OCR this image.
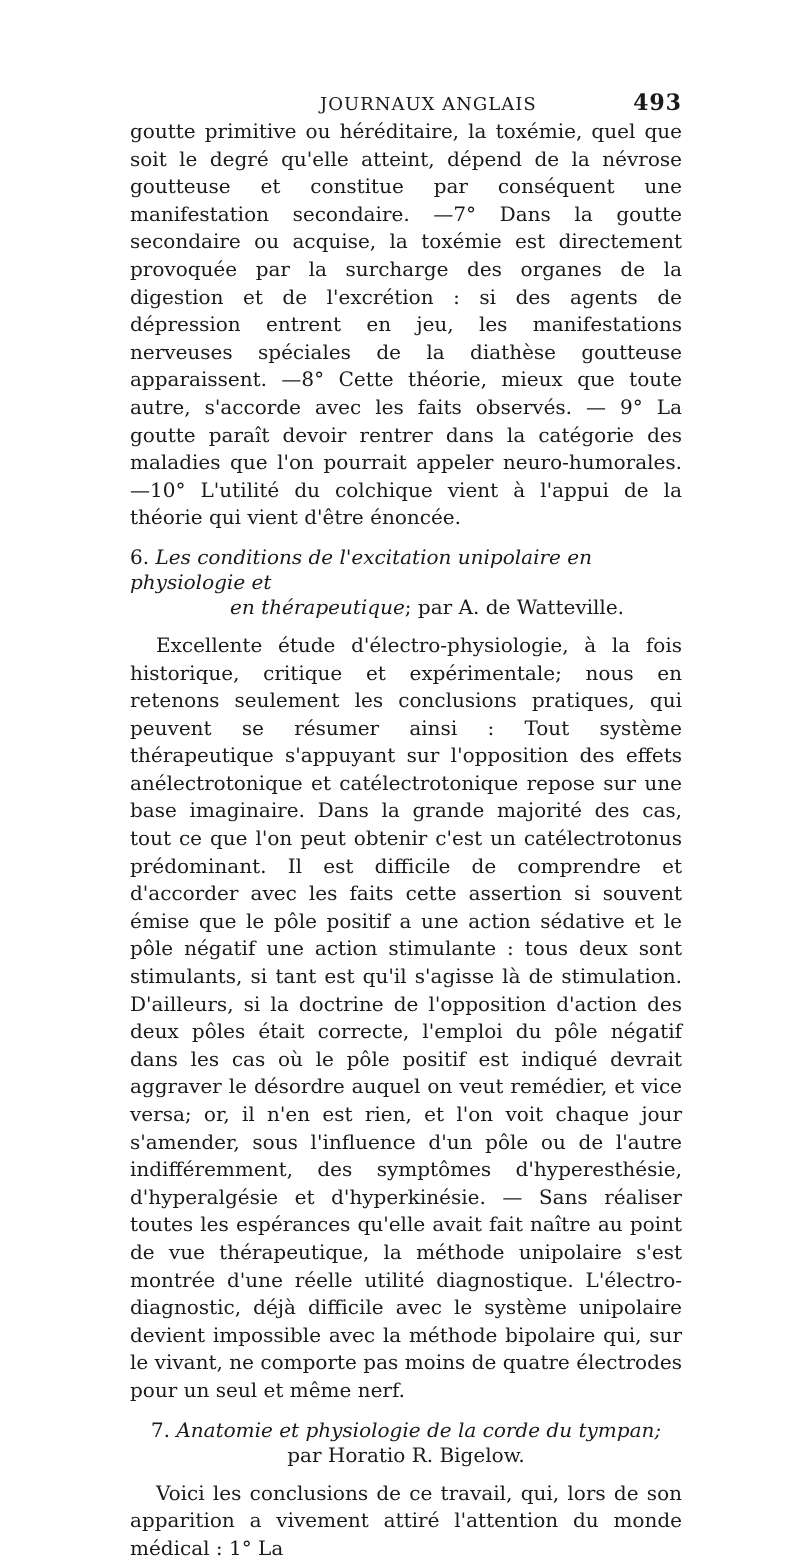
JOURNAUX ANGLAIS	493

goutte primitive ou héréditaire, la toxémie, quel que soit le degré qu'elle atteint, dépend de la névrose goutteuse et constitue par conséquent une manifestation secondaire. —7° Dans la goutte secondaire ou acquise, la toxémie est directement provoquée par la surcharge des organes de la digestion et de l'excrétion : si des agents de dépression entrent en jeu, les manifestations nerveuses spéciales de la diathèse goutteuse apparaissent. —8° Cette théorie, mieux que toute autre, s'accorde avec les faits observés. — 9° La goutte paraît devoir rentrer dans la catégorie des maladies que l'on pourrait appeler neuro-humorales. —10° L'utilité du colchique vient à l'appui de la théorie qui vient d'être énoncée.

6. Les conditions de l'excitation unipolaire en physiologie et
en thérapeutique; par A. de Watteville.

Excellente étude d'électro-physiologie, à la fois historique, critique et expérimentale; nous en retenons seulement les conclusions pratiques, qui peuvent se résumer ainsi : Tout système thérapeutique s'appuyant sur l'opposition des effets anélectrotonique et catélectrotonique repose sur une base imaginaire. Dans la grande majorité des cas, tout ce que l'on peut obtenir c'est un catélectrotonus prédominant. Il est difficile de comprendre et d'accorder avec les faits cette assertion si souvent émise que le pôle positif a une action sédative et le pôle négatif une action stimulante : tous deux sont stimulants, si tant est qu'il s'agisse là de stimulation. D'ailleurs, si la doctrine de l'opposition d'action des deux pôles était correcte, l'emploi du pôle négatif dans les cas où le pôle positif est indiqué devrait aggraver le désordre auquel on veut remédier, et vice versa; or, il n'en est rien, et l'on voit chaque jour s'amender, sous l'influence d'un pôle ou de l'autre indifféremment, des symptômes d'hyperesthésie, d'hyperalgésie et d'hyperkinésie. — Sans réaliser toutes les espérances qu'elle avait fait naître au point de vue thérapeutique, la méthode unipolaire s'est montrée d'une réelle utilité diagnostique. L'électro-diagnostic, déjà difficile avec le système unipolaire devient impossible avec la méthode bipolaire qui, sur le vivant, ne comporte pas moins de quatre électrodes pour un seul et même nerf.

7. Anatomie et physiologie de la corde du tympan;
par Horatio R. Bigelow.

Voici les conclusions de ce travail, qui, lors de son apparition a vivement attiré l'attention du monde médical : 1° La
